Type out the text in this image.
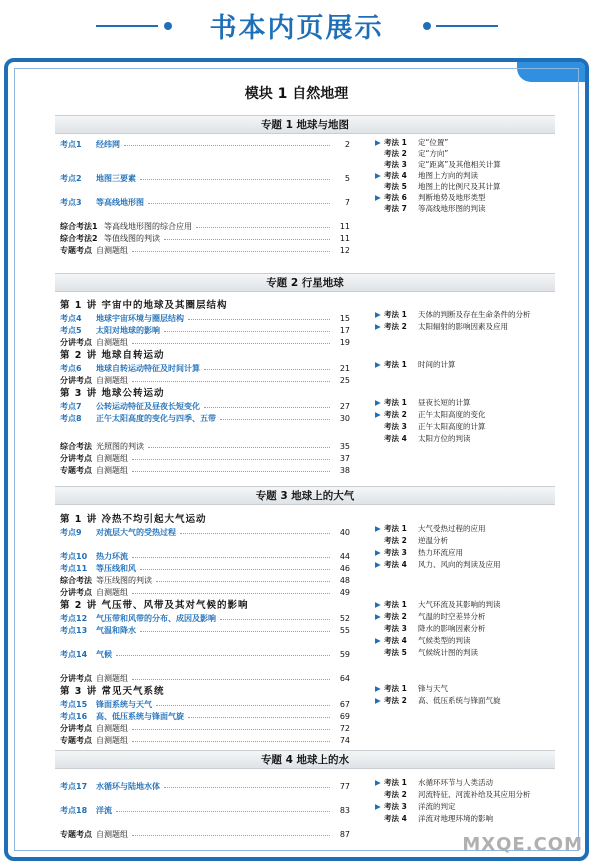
书本内页展示
模块 1 自然地理
专题 1 地球与地图
考点1 经纬网	2
考点2 地图三要素	5
考点3 等高线地形图	7
综合考法1 等高线地形图的综合应用	11
综合考法2 等值线图的判读	11
专题考点 自测题组	12
▶ 考法 1 定“位置”
考法 2 定“方向”
考法 3 定“距离”及其他相关计算
▶ 考法 4 地图上方向的判读
考法 5 地图上的比例尺及其计算
▶ 考法 6 判断地势及地形类型
考法 7 等高线地形图的判读
专题 2 行星地球
第 1 讲 宇宙中的地球及其圈层结构
第 2 讲 地球自转运动
第 3 讲 地球公转运动
考点4 地球宇宙环境与圈层结构	15
考点5 太阳对地球的影响	17
分讲考点 自测题组	19
考点6 地球自转运动特征及时间计算	21
分讲考点 自测题组	25
考点7 公转运动特征及昼夜长短变化	27
考点8 正午太阳高度的变化与四季、五带	30
综合考法 光照图的判读	35
分讲考点 自测题组	37
专题考点 自测题组	38
▶ 考法 1 天体的判断及存在生命条件的分析
▶ 考法 2 太阳辐射的影响因素及应用
▶ 考法 1 时间的计算
▶ 考法 1 昼夜长短的计算
▶ 考法 2 正午太阳高度的变化
考法 3 正午太阳高度的计算
考法 4 太阳方位的判读
专题 3 地球上的大气
第 1 讲 冷热不均引起大气运动
第 2 讲 气压带、风带及其对气候的影响
第 3 讲 常见天气系统
考点9 对流层大气的受热过程	40
考点10 热力环流	44
考点11 等压线和风	46
综合考法 等压线图的判读	48
分讲考点 自测题组	49
考点12 气压带和风带的分布、成因及影响	52
考点13 气温和降水	55
考点14 气候	59
分讲考点 自测题组	64
考点15 锋面系统与天气	67
考点16 高、低压系统与锋面气旋	69
分讲考点 自测题组	72
专题考点 自测题组	74
▶ 考法 1 大气受热过程的应用
考法 2 逆温分析
▶ 考法 3 热力环流应用
▶ 考法 4 风力、风向的判读及应用
▶ 考法 1 大气环流及其影响的判读
▶ 考法 2 气温的时空差异分析
考法 3 降水的影响因素分析
▶ 考法 4 气候类型的判读
考法 5 气候统计图的判读
▶ 考法 1 锋与天气
▶ 考法 2 高、低压系统与锋面气旋
专题 4 地球上的水
考点17 水循环与陆地水体	77
考点18 洋流	83
专题考点 自测题组	87
▶ 考法 1 水循环环节与人类活动
考法 2 河流特征、河流补给及其应用分析
▶ 考法 3 洋流的判定
考法 4 洋流对地理环境的影响
MXQE.COM
